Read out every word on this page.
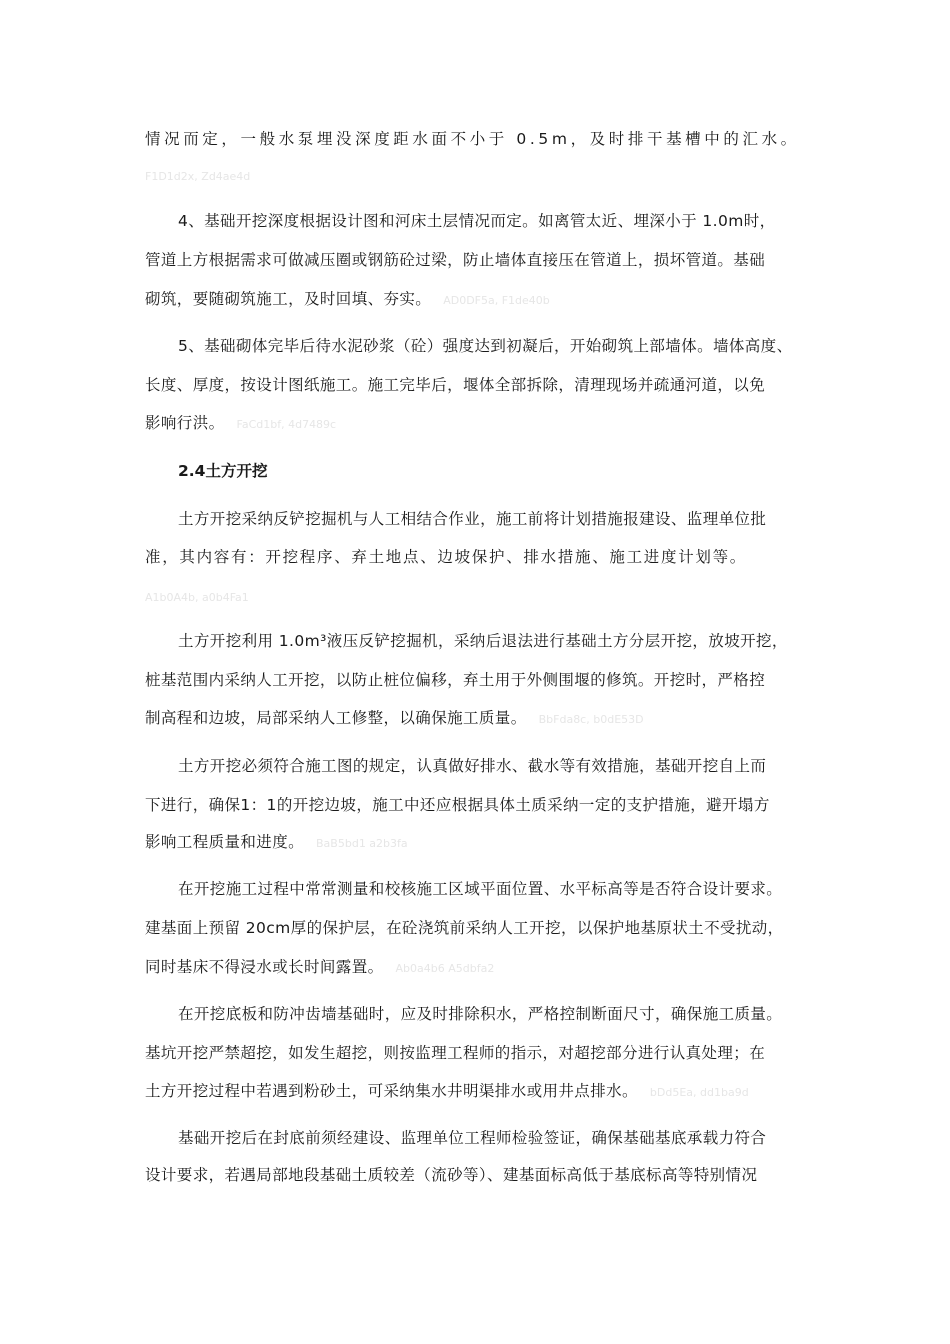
情况而定，一般水泵埋没深度距水面不小于 0.5m，及时排干基槽中的汇水。
F1D1d2x, Zd4ae4d
4、基础开挖深度根据设计图和河床土层情况而定。如离管太近、埋深小于 1.0m时，
管道上方根据需求可做减压圈或钢筋砼过梁，防止墙体直接压在管道上，损坏管道。基础
砌筑，要随砌筑施工，及时回填、夯实。 AD0DF5a, F1de40b
5、基础砌体完毕后待水泥砂浆（砼）强度达到初凝后，开始砌筑上部墙体。墙体高度、
长度、厚度，按设计图纸施工。施工完毕后，堰体全部拆除，清理现场并疏通河道，以免
影响行洪。 FaCd1bf, 4d7489c
2.4土方开挖
土方开挖采纳反铲挖掘机与人工相结合作业，施工前将计划措施报建设、监理单位批
准，其内容有：开挖程序、弃土地点、边坡保护、排水措施、施工进度计划等。
A1b0A4b, a0b4Fa1
土方开挖利用 1.0m³液压反铲挖掘机，采纳后退法进行基础土方分层开挖，放坡开挖，
桩基范围内采纳人工开挖，以防止桩位偏移，弃土用于外侧围堰的修筑。开挖时，严格控
制高程和边坡，局部采纳人工修整，以确保施工质量。 BbFda8c, b0dE53D
土方开挖必须符合施工图的规定，认真做好排水、截水等有效措施，基础开挖自上而
下进行，确保1：1的开挖边坡，施工中还应根据具体土质采纳一定的支护措施，避开塌方
影响工程质量和进度。 BaB5bd1 a2b3fa
在开挖施工过程中常常测量和校核施工区域平面位置、水平标高等是否符合设计要求。
建基面上预留 20cm厚的保护层，在砼浇筑前采纳人工开挖，以保护地基原状土不受扰动，
同时基床不得浸水或长时间露置。 Ab0a4b6 A5dbfa2
在开挖底板和防冲齿墙基础时，应及时排除积水，严格控制断面尺寸，确保施工质量。
基坑开挖严禁超挖，如发生超挖，则按监理工程师的指示，对超挖部分进行认真处理；在
土方开挖过程中若遇到粉砂土，可采纳集水井明渠排水或用井点排水。 bDd5Ea, dd1ba9d
基础开挖后在封底前须经建设、监理单位工程师检验签证，确保基础基底承载力符合
设计要求，若遇局部地段基础土质较差（流砂等）、建基面标高低于基底标高等特别情况
